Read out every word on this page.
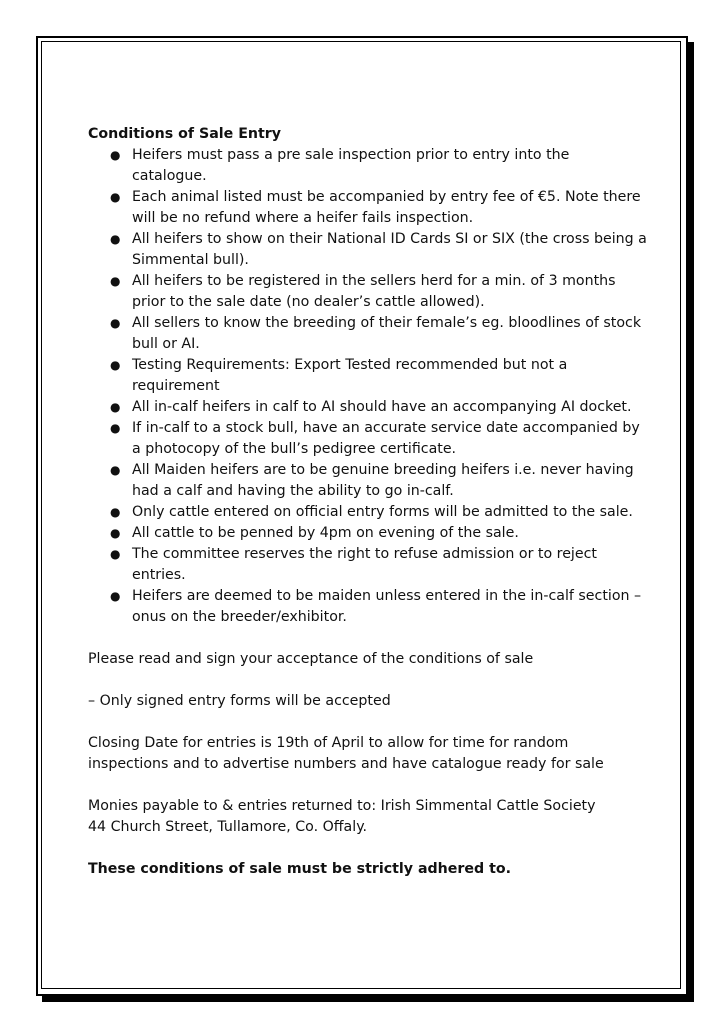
Conditions of Sale Entry

● Heifers must pass a pre sale inspection prior to entry into the catalogue.
● Each animal listed must be accompanied by entry fee of €5. Note there will be no refund where a heifer fails inspection.
● All heifers to show on their National ID Cards SI or SIX (the cross being a Simmental bull).
● All heifers to be registered in the sellers herd for a min. of 3 months prior to the sale date (no dealer’s cattle allowed).
● All sellers to know the breeding of their female’s eg. bloodlines of stock bull or AI.
● Testing Requirements: Export Tested recommended but not a requirement
● All in-calf heifers in calf to AI should have an accompanying AI docket.
● If in-calf to a stock bull, have an accurate service date accompanied by a photocopy of the bull’s pedigree certificate.
● All Maiden heifers are to be genuine breeding heifers i.e. never having had a calf and having the ability to go in-calf.
● Only cattle entered on official entry forms will be admitted to the sale.
● All cattle to be penned by 4pm on evening of the sale.
● The committee reserves the right to refuse admission or to reject entries.
● Heifers are deemed to be maiden unless entered in the in-calf section – onus on the breeder/exhibitor.

Please read and sign your acceptance of the conditions of sale

– Only signed entry forms will be accepted

Closing Date for entries is 19th of April to allow for time for random

inspections and to advertise numbers and have catalogue ready for sale

Monies payable to & entries returned to: Irish Simmental Cattle Society

44 Church Street, Tullamore, Co. Offaly.

These conditions of sale must be strictly adhered to.
